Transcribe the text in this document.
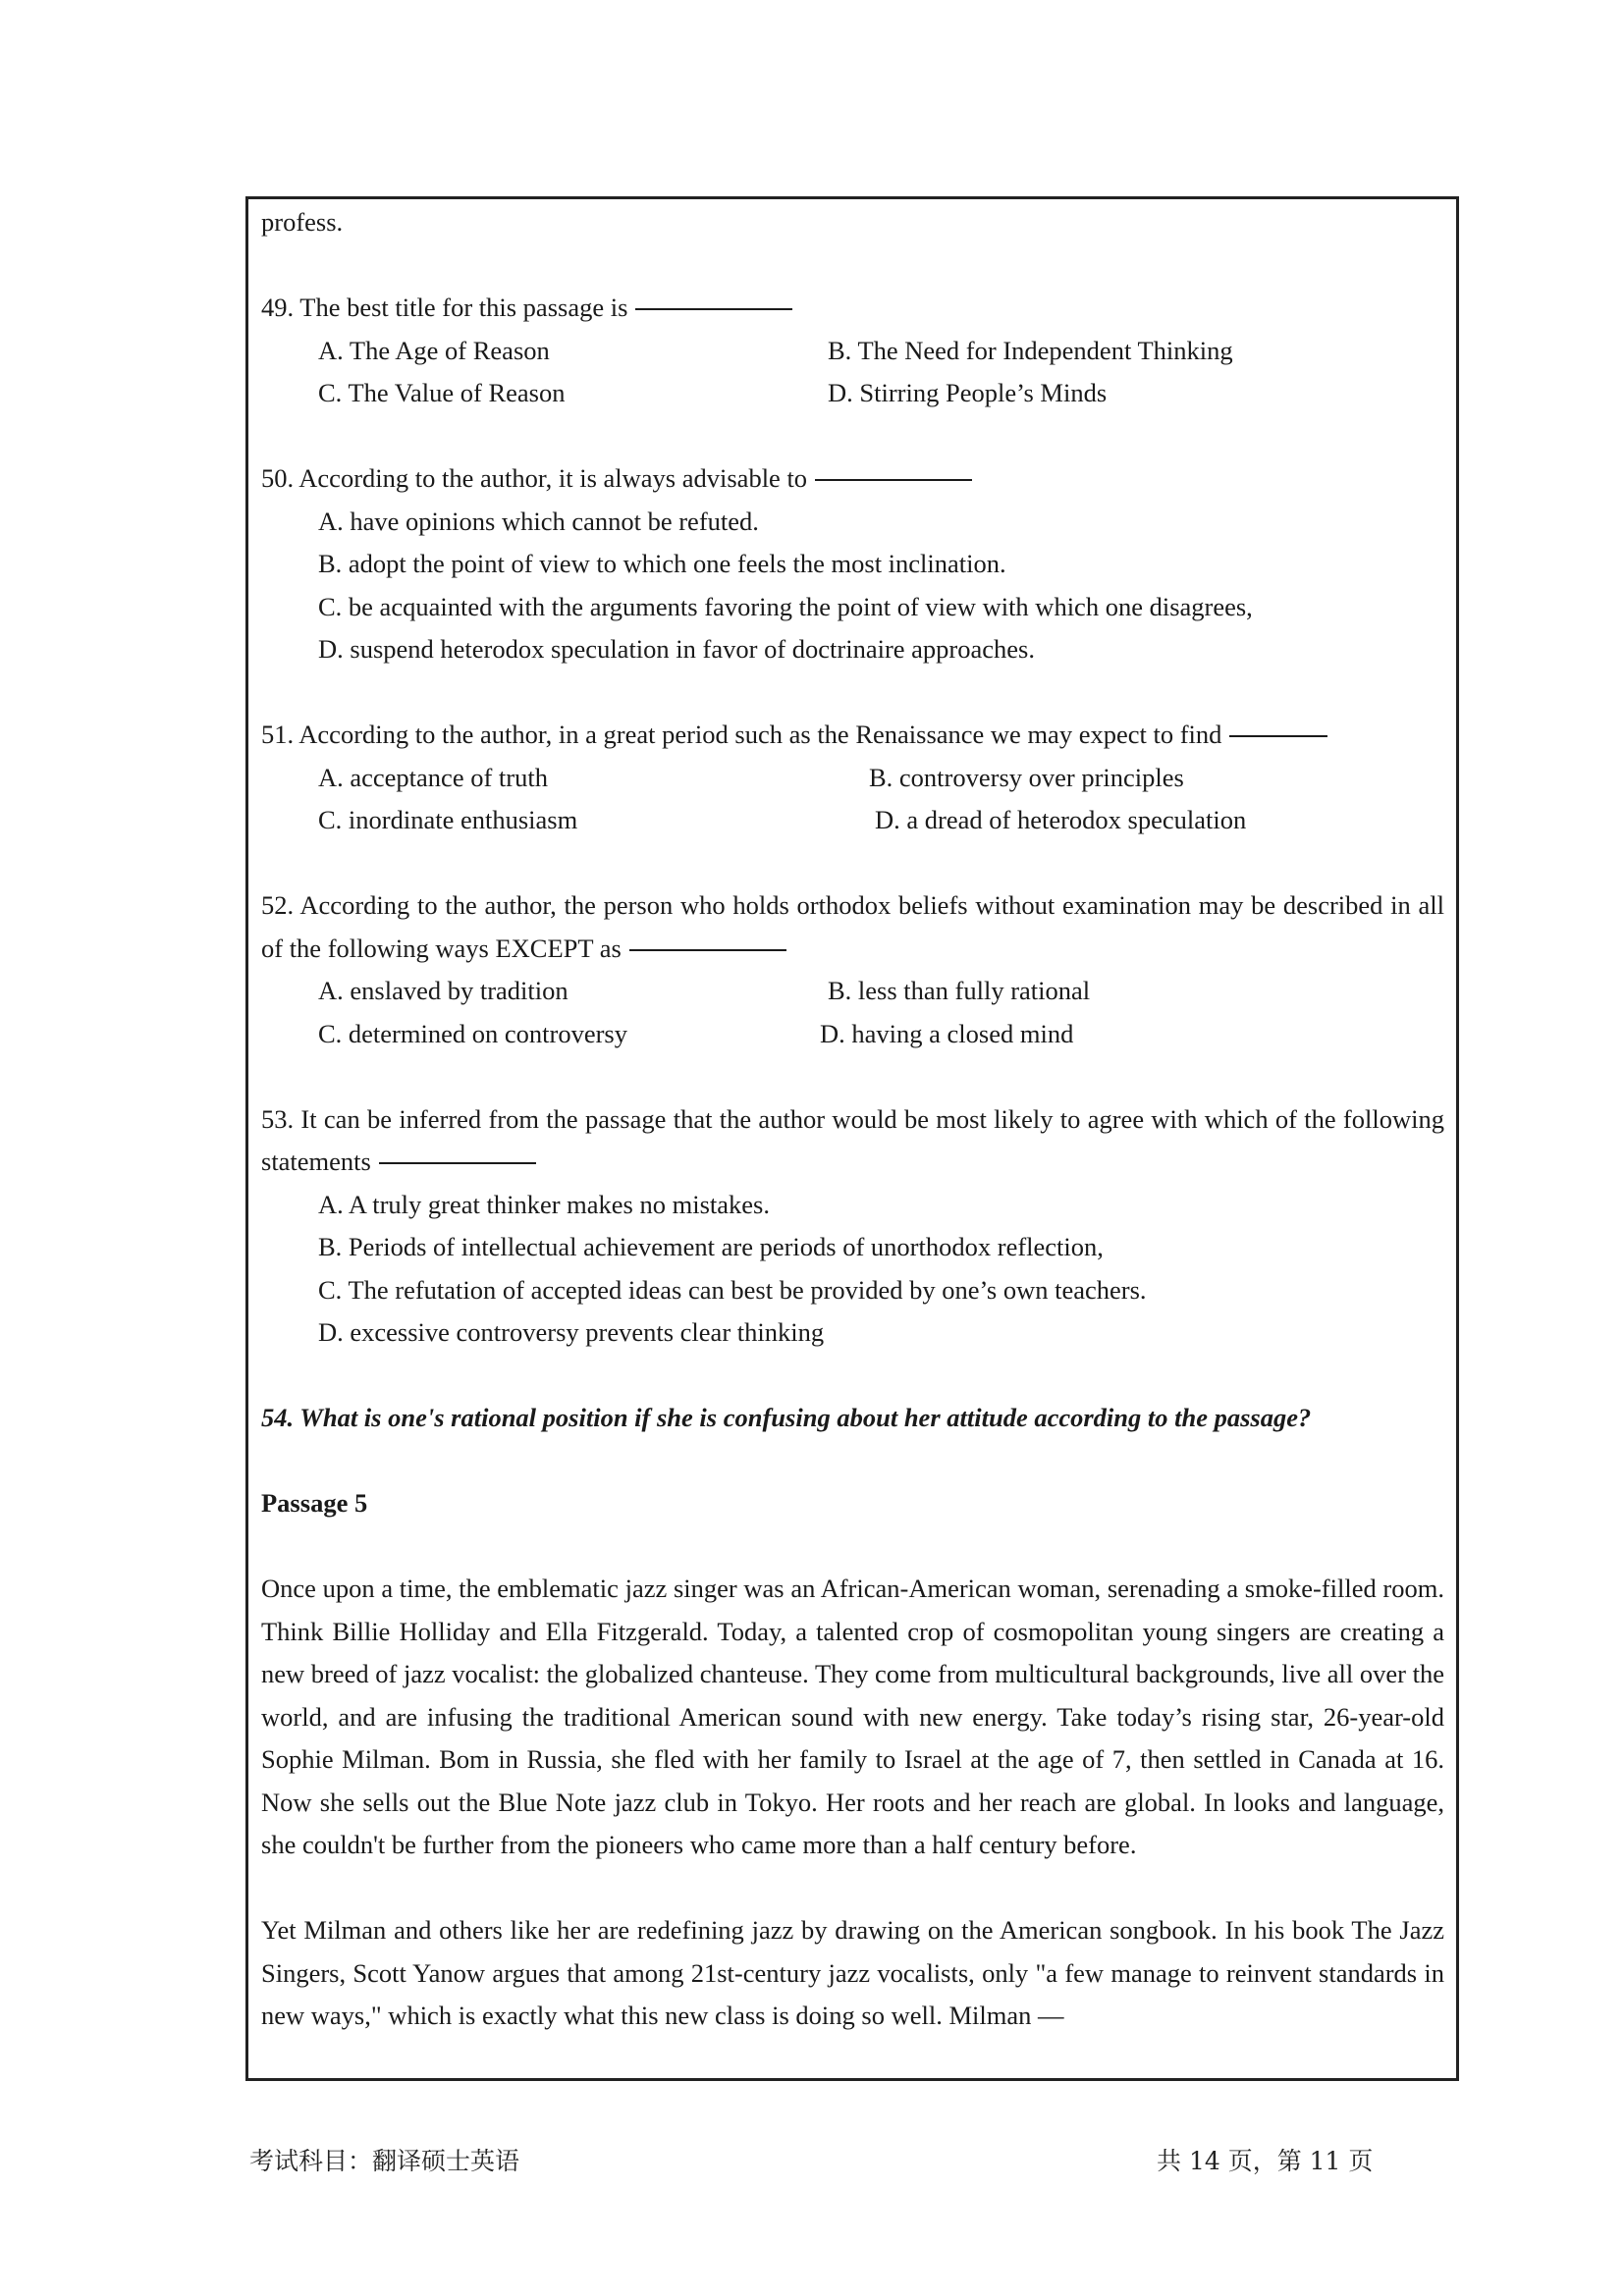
profess.

49. The best title for this passage is

A. The Age of Reason	B. The Need for Independent Thinking
C. The Value of Reason	D. Stirring People’s Minds

50. According to the author, it is always advisable to

A. have opinions which cannot be refuted.

B. adopt the point of view to which one feels the most inclination.

C. be acquainted with the arguments favoring the point of view with which one disagrees,

D. suspend heterodox speculation in favor of doctrinaire approaches.

51. According to the author, in a great period such as the Renaissance we may expect to find

A. acceptance of truth	B. controversy over principles
C. inordinate enthusiasm	D. a dread of heterodox speculation

52. According to the author, the person who holds orthodox beliefs without examination may be described in all of the following ways EXCEPT as

A. enslaved by tradition	B. less than fully rational
C. determined on controversy	D. having a closed mind

53. It can be inferred from the passage that the author would be most likely to agree with which of the following statements

A. A truly great thinker makes no mistakes.

B. Periods of intellectual achievement are periods of unorthodox reflection,

C. The refutation of accepted ideas can best be provided by one’s own teachers.

D. excessive controversy prevents clear thinking

54. What is one's rational position if she is confusing about her attitude according to the passage?

Passage 5

Once upon a time, the emblematic jazz singer was an African-American woman, serenading a smoke-filled room. Think Billie Holliday and Ella Fitzgerald. Today, a talented crop of cosmopolitan young singers are creating a new breed of jazz vocalist: the globalized chanteuse. They come from multicultural backgrounds, live all over the world, and are infusing the traditional American sound with new energy. Take today’s rising star, 26-year-old Sophie Milman. Bom in Russia, she fled with her family to Israel at the age of 7, then settled in Canada at 16. Now she sells out the Blue Note jazz club in Tokyo. Her roots and her reach are global. In looks and language, she couldn't be further from the pioneers who came more than a half century before.

Yet Milman and others like her are redefining jazz by drawing on the American songbook. In his book The Jazz Singers, Scott Yanow argues that among 21st-century jazz vocalists, only "a few manage to reinvent standards in new ways," which is exactly what this new class is doing so well. Milman —

考试科目：翻译硕士英语	共 14 页，第 11 页
